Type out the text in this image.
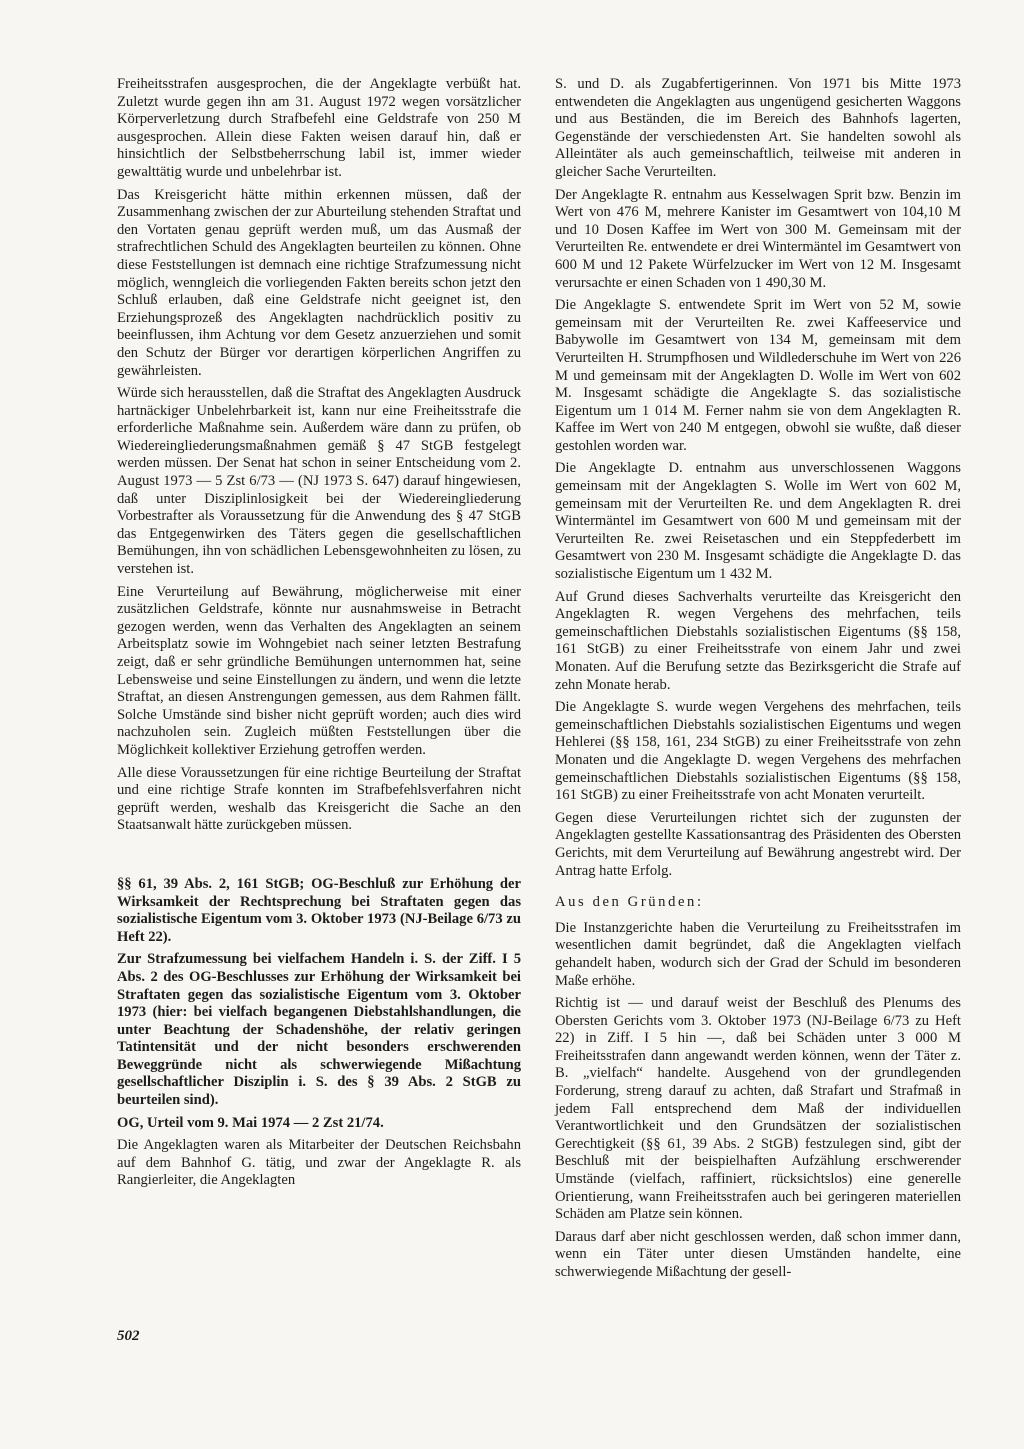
Freiheitsstrafen ausgesprochen, die der Angeklagte verbüßt hat. Zuletzt wurde gegen ihn am 31. August 1972 wegen vorsätzlicher Körperverletzung durch Strafbefehl eine Geldstrafe von 250 M ausgesprochen. Allein diese Fakten weisen darauf hin, daß er hinsichtlich der Selbstbeherrschung labil ist, immer wieder gewalttätig wurde und unbelehrbar ist.

Das Kreisgericht hätte mithin erkennen müssen, daß der Zusammenhang zwischen der zur Aburteilung stehenden Straftat und den Vortaten genau geprüft werden muß, um das Ausmaß der strafrechtlichen Schuld des Angeklagten beurteilen zu können. Ohne diese Feststellungen ist demnach eine richtige Strafzumessung nicht möglich, wenngleich die vorliegenden Fakten bereits schon jetzt den Schluß erlauben, daß eine Geldstrafe nicht geeignet ist, den Erziehungsprozeß des Angeklagten nachdrücklich positiv zu beeinflussen, ihm Achtung vor dem Gesetz anzuerziehen und somit den Schutz der Bürger vor derartigen körperlichen Angriffen zu gewährleisten.

Würde sich herausstellen, daß die Straftat des Angeklagten Ausdruck hartnäckiger Unbelehrbarkeit ist, kann nur eine Freiheitsstrafe die erforderliche Maßnahme sein. Außerdem wäre dann zu prüfen, ob Wiedereingliederungsmaßnahmen gemäß § 47 StGB festgelegt werden müssen. Der Senat hat schon in seiner Entscheidung vom 2. August 1973 — 5 Zst 6/73 — (NJ 1973 S. 647) darauf hingewiesen, daß unter Disziplinlosigkeit bei der Wiedereingliederung Vorbestrafter als Voraussetzung für die Anwendung des § 47 StGB das Entgegenwirken des Täters gegen die gesellschaftlichen Bemühungen, ihn von schädlichen Lebensgewohnheiten zu lösen, zu verstehen ist.

Eine Verurteilung auf Bewährung, möglicherweise mit einer zusätzlichen Geldstrafe, könnte nur ausnahmsweise in Betracht gezogen werden, wenn das Verhalten des Angeklagten an seinem Arbeitsplatz sowie im Wohngebiet nach seiner letzten Bestrafung zeigt, daß er sehr gründliche Bemühungen unternommen hat, seine Lebensweise und seine Einstellungen zu ändern, und wenn die letzte Straftat, an diesen Anstrengungen gemessen, aus dem Rahmen fällt. Solche Umstände sind bisher nicht geprüft worden; auch dies wird nachzuholen sein. Zugleich müßten Feststellungen über die Möglichkeit kollektiver Erziehung getroffen werden.

Alle diese Voraussetzungen für eine richtige Beurteilung der Straftat und eine richtige Strafe konnten im Strafbefehlsverfahren nicht geprüft werden, weshalb das Kreisgericht die Sache an den Staatsanwalt hätte zurückgeben müssen.

§§ 61, 39 Abs. 2, 161 StGB; OG-Beschluß zur Erhöhung der Wirksamkeit der Rechtsprechung bei Straftaten gegen das sozialistische Eigentum vom 3. Oktober 1973 (NJ-Beilage 6/73 zu Heft 22).

Zur Strafzumessung bei vielfachem Handeln i. S. der Ziff. I 5 Abs. 2 des OG-Beschlusses zur Erhöhung der Wirksamkeit bei Straftaten gegen das sozialistische Eigentum vom 3. Oktober 1973 (hier: bei vielfach begangenen Diebstahlshandlungen, die unter Beachtung der Schadenshöhe, der relativ geringen Tatintensität und der nicht besonders erschwerenden Beweggründe nicht als schwerwiegende Mißachtung gesellschaftlicher Disziplin i. S. des § 39 Abs. 2 StGB zu beurteilen sind).

OG, Urteil vom 9. Mai 1974 — 2 Zst 21/74.

Die Angeklagten waren als Mitarbeiter der Deutschen Reichsbahn auf dem Bahnhof G. tätig, und zwar der Angeklagte R. als Rangierleiter, die Angeklagten

S. und D. als Zugabfertigerinnen. Von 1971 bis Mitte 1973 entwendeten die Angeklagten aus ungenügend gesicherten Waggons und aus Beständen, die im Bereich des Bahnhofs lagerten, Gegenstände der verschiedensten Art. Sie handelten sowohl als Alleintäter als auch gemeinschaftlich, teilweise mit anderen in gleicher Sache Verurteilten.

Der Angeklagte R. entnahm aus Kesselwagen Sprit bzw. Benzin im Wert von 476 M, mehrere Kanister im Gesamtwert von 104,10 M und 10 Dosen Kaffee im Wert von 300 M. Gemeinsam mit der Verurteilten Re. entwendete er drei Wintermäntel im Gesamtwert von 600 M und 12 Pakete Würfelzucker im Wert von 12 M. Insgesamt verursachte er einen Schaden von 1 490,30 M.

Die Angeklagte S. entwendete Sprit im Wert von 52 M, sowie gemeinsam mit der Verurteilten Re. zwei Kaffeeservice und Babywolle im Gesamtwert von 134 M, gemeinsam mit dem Verurteilten H. Strumpfhosen und Wildlederschuhe im Wert von 226 M und gemeinsam mit der Angeklagten D. Wolle im Wert von 602 M. Insgesamt schädigte die Angeklagte S. das sozialistische Eigentum um 1 014 M. Ferner nahm sie von dem Angeklagten R. Kaffee im Wert von 240 M entgegen, obwohl sie wußte, daß dieser gestohlen worden war.

Die Angeklagte D. entnahm aus unverschlossenen Waggons gemeinsam mit der Angeklagten S. Wolle im Wert von 602 M, gemeinsam mit der Verurteilten Re. und dem Angeklagten R. drei Wintermäntel im Gesamtwert von 600 M und gemeinsam mit der Verurteilten Re. zwei Reisetaschen und ein Steppfederbett im Gesamtwert von 230 M. Insgesamt schädigte die Angeklagte D. das sozialistische Eigentum um 1 432 M.

Auf Grund dieses Sachverhalts verurteilte das Kreisgericht den Angeklagten R. wegen Vergehens des mehrfachen, teils gemeinschaftlichen Diebstahls sozialistischen Eigentums (§§ 158, 161 StGB) zu einer Freiheitsstrafe von einem Jahr und zwei Monaten. Auf die Berufung setzte das Bezirksgericht die Strafe auf zehn Monate herab.

Die Angeklagte S. wurde wegen Vergehens des mehrfachen, teils gemeinschaftlichen Diebstahls sozialistischen Eigentums und wegen Hehlerei (§§ 158, 161, 234 StGB) zu einer Freiheitsstrafe von zehn Monaten und die Angeklagte D. wegen Vergehens des mehrfachen gemeinschaftlichen Diebstahls sozialistischen Eigentums (§§ 158, 161 StGB) zu einer Freiheitsstrafe von acht Monaten verurteilt.

Gegen diese Verurteilungen richtet sich der zugunsten der Angeklagten gestellte Kassationsantrag des Präsidenten des Obersten Gerichts, mit dem Verurteilung auf Bewährung angestrebt wird. Der Antrag hatte Erfolg.

Aus den Gründen:

Die Instanzgerichte haben die Verurteilung zu Freiheitsstrafen im wesentlichen damit begründet, daß die Angeklagten vielfach gehandelt haben, wodurch sich der Grad der Schuld im besonderen Maße erhöhe.

Richtig ist — und darauf weist der Beschluß des Plenums des Obersten Gerichts vom 3. Oktober 1973 (NJ-Beilage 6/73 zu Heft 22) in Ziff. I 5 hin —, daß bei Schäden unter 3 000 M Freiheitsstrafen dann angewandt werden können, wenn der Täter z. B. „vielfach“ handelte. Ausgehend von der grundlegenden Forderung, streng darauf zu achten, daß Strafart und Strafmaß in jedem Fall entsprechend dem Maß der individuellen Verantwortlichkeit und den Grundsätzen der sozialistischen Gerechtigkeit (§§ 61, 39 Abs. 2 StGB) festzulegen sind, gibt der Beschluß mit der beispielhaften Aufzählung erschwerender Umstände (vielfach, raffiniert, rücksichtslos) eine generelle Orientierung, wann Freiheitsstrafen auch bei geringeren materiellen Schäden am Platze sein können.

Daraus darf aber nicht geschlossen werden, daß schon immer dann, wenn ein Täter unter diesen Umständen handelte, eine schwerwiegende Mißachtung der gesell-

502
